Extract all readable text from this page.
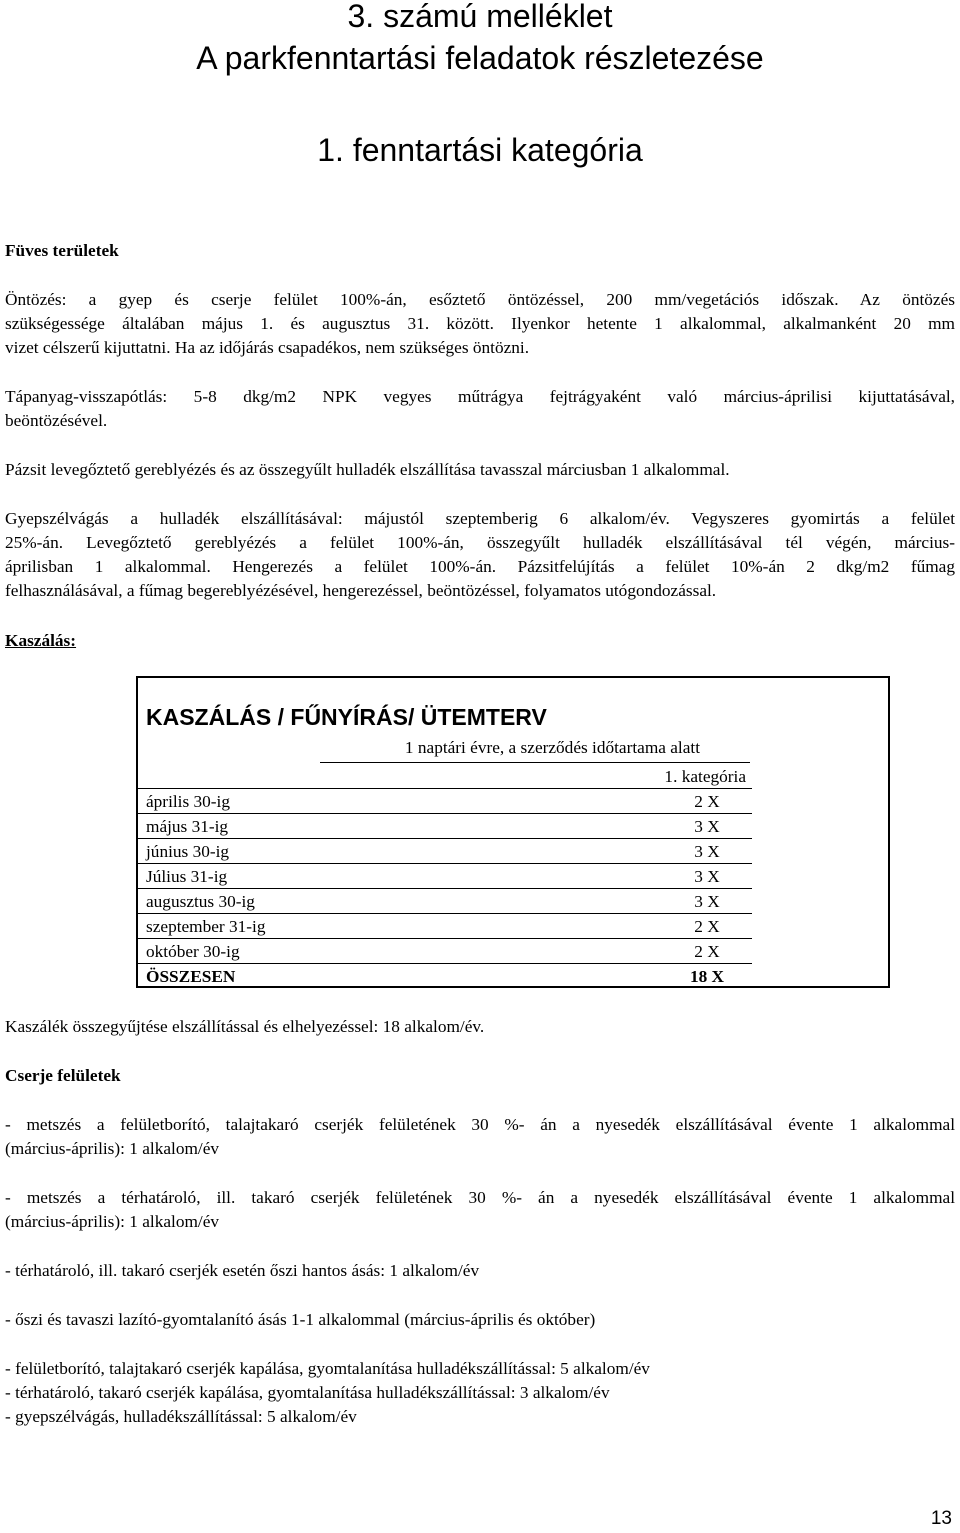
3. számú melléklet
A parkfenntartási feladatok részletezése
1. fenntartási kategória

Füves területek

Öntözés: a gyep és cserje felület 100%-án, esőztető öntözéssel, 200 mm/vegetációs időszak. Az öntözés

szükségessége általában május 1. és augusztus 31. között. Ilyenkor hetente 1 alkalommal, alkalmanként 20 mm

vizet célszerű kijuttatni. Ha az időjárás csapadékos, nem szükséges öntözni.

Tápanyag-visszapótlás: 5-8 dkg/m2 NPK vegyes műtrágya fejtrágyaként való március-áprilisi kijuttatásával,

beöntözésével.

Pázsit levegőztető gereblyézés és az összegyűlt hulladék elszállítása tavasszal márciusban 1 alkalommal.

Gyepszélvágás a hulladék elszállításával: májustól szeptemberig 6 alkalom/év. Vegyszeres gyomirtás a felület

25%-án. Levegőztető gereblyézés a felület 100%-án, összegyűlt hulladék elszállításával tél végén, március-

áprilisban 1 alkalommal. Hengerezés a felület 100%-án. Pázsitfelújítás a felület 10%-án 2 dkg/m2 fűmag

felhasználásával, a fűmag begereblyézésével, hengerezéssel, beöntözéssel, folyamatos utógondozással.

Kaszálás:

KASZÁLÁS / FŰNYÍRÁS/ ÜTEMTERV
1 naptári évre, a szerződés időtartama alatt
1. kategória
április 30-ig	2 X
május 31-ig	3 X
június 30-ig	3 X
Július 31-ig	3 X
augusztus 30-ig	3 X
szeptember 31-ig	2 X
október 30-ig	2 X
ÖSSZESEN	18 X

Kaszálék összegyűjtése elszállítással és elhelyezéssel: 18 alkalom/év.

Cserje felületek

- metszés a felületborító, talajtakaró cserjék felületének 30 %- án a nyesedék elszállításával évente 1 alkalommal

(március-április): 1 alkalom/év

- metszés a térhatároló, ill. takaró cserjék felületének 30 %- án a nyesedék elszállításával évente 1 alkalommal

(március-április): 1 alkalom/év

- térhatároló, ill. takaró cserjék esetén őszi hantos ásás: 1 alkalom/év

- őszi és tavaszi lazító-gyomtalanító ásás 1-1 alkalommal (március-április és október)

- felületborító, talajtakaró cserjék kapálása, gyomtalanítása hulladékszállítással: 5 alkalom/év

- térhatároló, takaró cserjék kapálása, gyomtalanítása hulladékszállítással: 3 alkalom/év

- gyepszélvágás, hulladékszállítással: 5 alkalom/év

13
